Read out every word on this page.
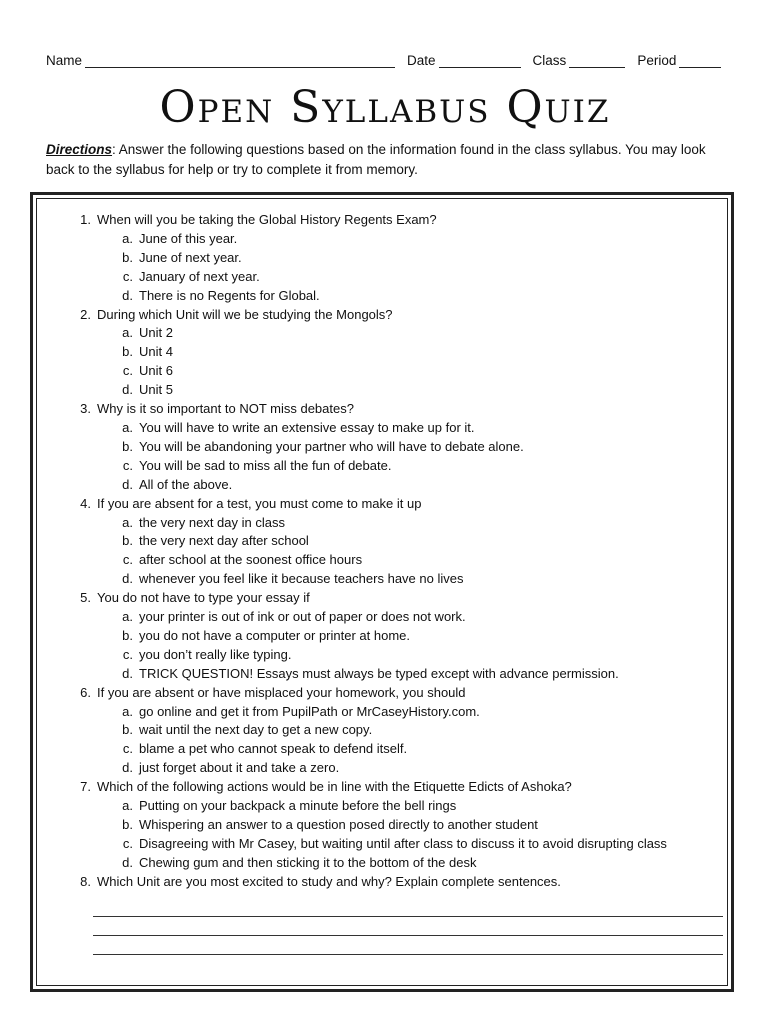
Name	Date	Class	Period
Open Syllabus Quiz
Directions: Answer the following questions based on the information found in the class syllabus. You may look back to the syllabus for help or try to complete it from memory.
1. When will you be taking the Global History Regents Exam?
a. June of this year.
b. June of next year.
c. January of next year.
d. There is no Regents for Global.
2. During which Unit will we be studying the Mongols?
a. Unit 2
b. Unit 4
c. Unit 6
d. Unit 5
3. Why is it so important to NOT miss debates?
a. You will have to write an extensive essay to make up for it.
b. You will be abandoning your partner who will have to debate alone.
c. You will be sad to miss all the fun of debate.
d. All of the above.
4. If you are absent for a test, you must come to make it up
a. the very next day in class
b. the very next day after school
c. after school at the soonest office hours
d. whenever you feel like it because teachers have no lives
5. You do not have to type your essay if
a. your printer is out of ink or out of paper or does not work.
b. you do not have a computer or printer at home.
c. you don’t really like typing.
d. TRICK QUESTION! Essays must always be typed except with advance permission.
6. If you are absent or have misplaced your homework, you should
a. go online and get it from PupilPath or MrCaseyHistory.com.
b. wait until the next day to get a new copy.
c. blame a pet who cannot speak to defend itself.
d. just forget about it and take a zero.
7. Which of the following actions would be in line with the Etiquette Edicts of Ashoka?
a. Putting on your backpack a minute before the bell rings
b. Whispering an answer to a question posed directly to another student
c. Disagreeing with Mr Casey, but waiting until after class to discuss it to avoid disrupting class
d. Chewing gum and then sticking it to the bottom of the desk
8. Which Unit are you most excited to study and why? Explain complete sentences.
